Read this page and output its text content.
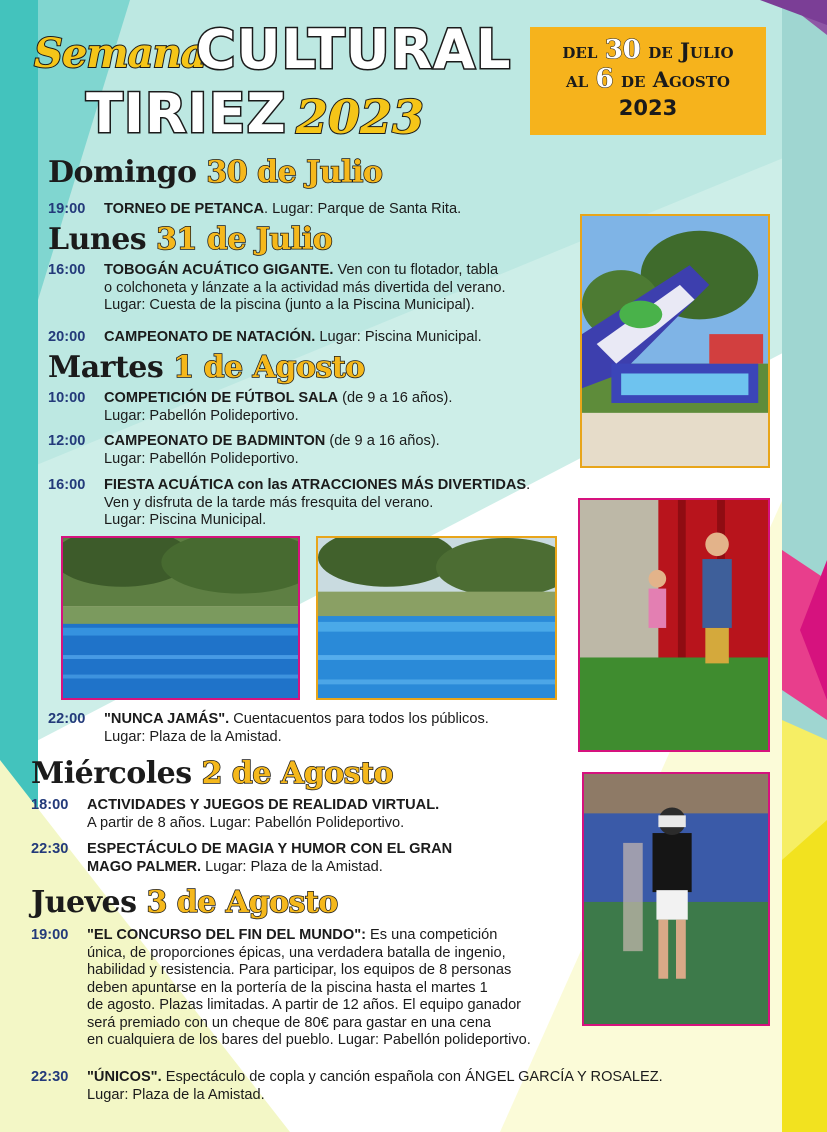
Semana
CULTURAL
TIRIEZ 2023
del 30 de Julio
al 6 de Agosto
2023
Domingo 30 de Julio
Lunes 31 de Julio
Martes 1 de Agosto
Miércoles 2 de Agosto
Jueves 3 de Agosto
19:00 TORNEO DE PETANCA. Lugar: Parque de Santa Rita.
16:00 TOBOGÁN ACUÁTICO GIGANTE. Ven con tu flotador, tabla
o colchoneta y lánzate a la actividad más divertida del verano.
Lugar: Cuesta de la piscina (junto a la Piscina Municipal).
20:00 CAMPEONATO DE NATACIÓN. Lugar: Piscina Municipal.
10:00 COMPETICIÓN DE FÚTBOL SALA (de 9 a 16 años).
Lugar: Pabellón Polideportivo.
12:00 CAMPEONATO DE BADMINTON (de 9 a 16 años).
Lugar: Pabellón Polideportivo.
16:00 FIESTA ACUÁTICA con las ATRACCIONES MÁS DIVERTIDAS.
Ven y disfruta de la tarde más fresquita del verano.
Lugar: Piscina Municipal.
22:00 "NUNCA JAMÁS". Cuentacuentos para todos los públicos.
Lugar: Plaza de la Amistad.
18:00 ACTIVIDADES Y JUEGOS DE REALIDAD VIRTUAL.
A partir de 8 años. Lugar: Pabellón Polideportivo.
22:30 ESPECTÁCULO DE MAGIA Y HUMOR CON EL GRAN
MAGO PALMER. Lugar: Plaza de la Amistad.
19:00 "EL CONCURSO DEL FIN DEL MUNDO": Es una competición
única, de proporciones épicas, una verdadera batalla de ingenio,
habilidad y resistencia. Para participar, los equipos de 8 personas
deben apuntarse en la portería de la piscina hasta el martes 1
de agosto. Plazas limitadas. A partir de 12 años. El equipo ganador
será premiado con un cheque de 80€ para gastar en una cena
en cualquiera de los bares del pueblo. Lugar: Pabellón polideportivo.
22:30 "ÚNICOS". Espectáculo de copla y canción española con ÁNGEL GARCÍA Y ROSALEZ.
Lugar: Plaza de la Amistad.
